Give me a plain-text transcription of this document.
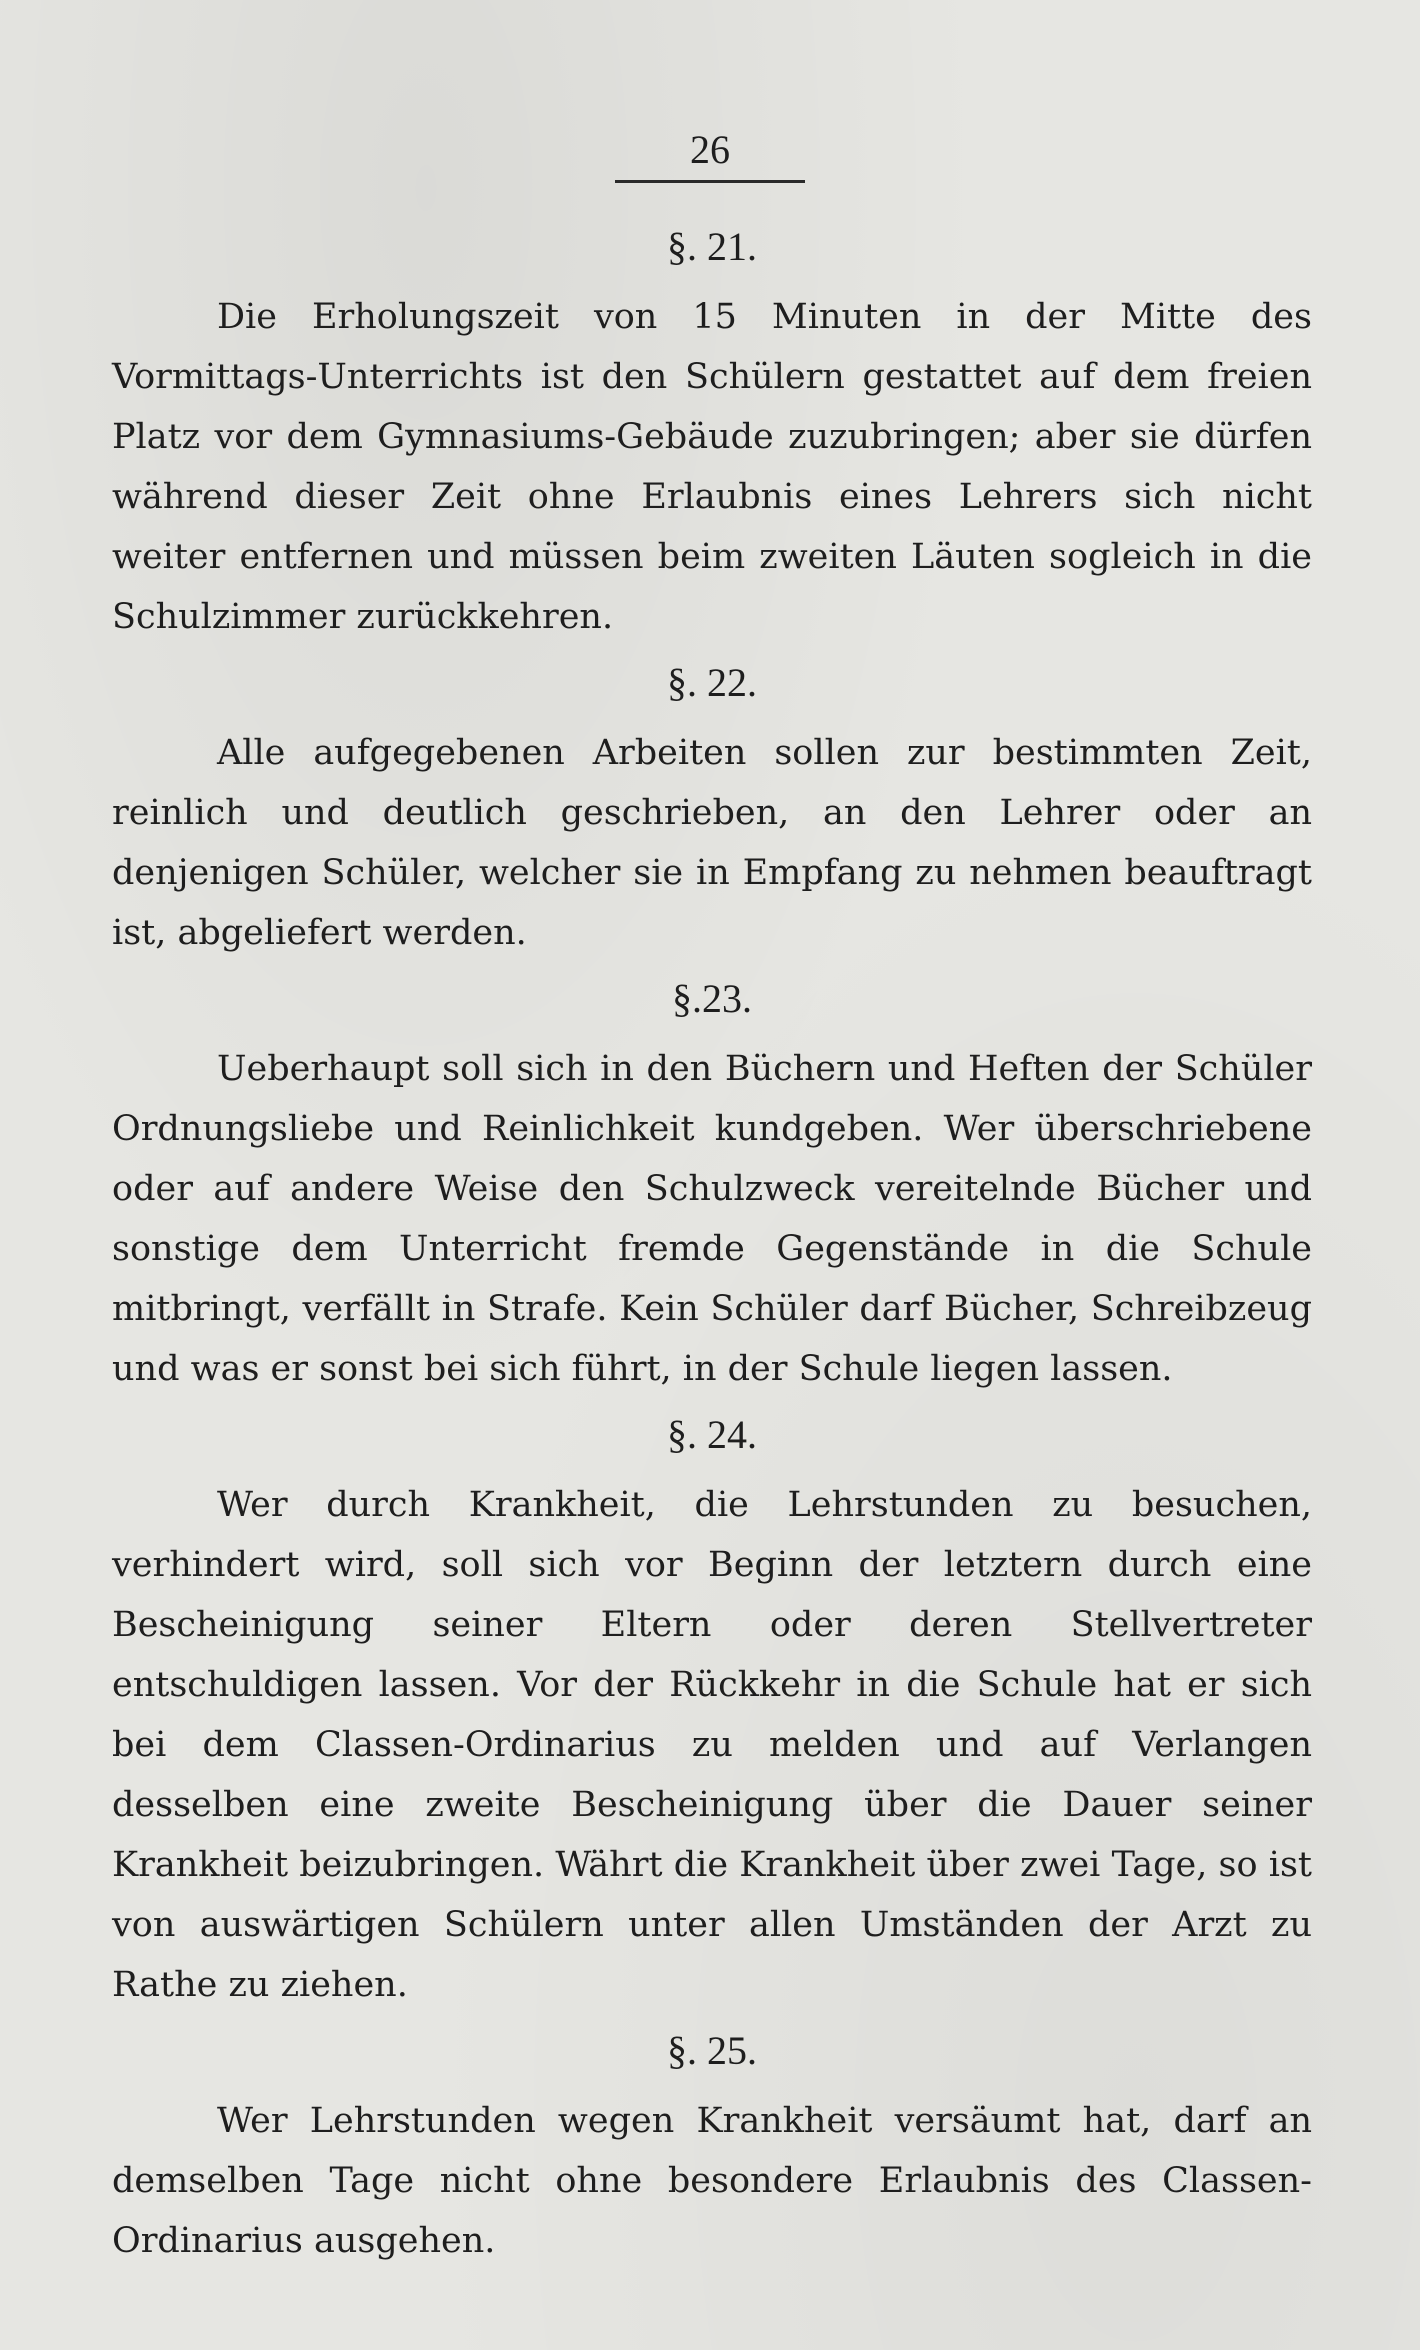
26
§. 21.

Die Erholungszeit von 15 Minuten in der Mitte des Vormittags-Unterrichts ist den Schülern gestattet auf dem freien Platz vor dem Gymnasiums-Gebäude zuzubringen; aber sie dürfen während dieser Zeit ohne Erlaubnis eines Lehrers sich nicht weiter entfernen und müssen beim zweiten Läuten sogleich in die Schulzimmer zurückkehren.

§. 22.

Alle aufgegebenen Arbeiten sollen zur bestimmten Zeit, reinlich und deutlich geschrieben, an den Lehrer oder an denjenigen Schüler, welcher sie in Empfang zu nehmen beauftragt ist, abgeliefert werden.

§.23.

Ueberhaupt soll sich in den Büchern und Heften der Schüler Ordnungsliebe und Reinlichkeit kundgeben. Wer überschriebene oder auf andere Weise den Schulzweck vereitelnde Bücher und sonstige dem Unterricht fremde Gegenstände in die Schule mitbringt, verfällt in Strafe. Kein Schüler darf Bücher, Schreibzeug und was er sonst bei sich führt, in der Schule liegen lassen.

§. 24.

Wer durch Krankheit, die Lehrstunden zu besuchen, verhindert wird, soll sich vor Beginn der letztern durch eine Bescheinigung seiner Eltern oder deren Stellvertreter entschuldigen lassen. Vor der Rückkehr in die Schule hat er sich bei dem Classen-Ordinarius zu melden und auf Verlangen desselben eine zweite Bescheinigung über die Dauer seiner Krankheit beizubringen. Währt die Krankheit über zwei Tage, so ist von auswärtigen Schülern unter allen Umständen der Arzt zu Rathe zu ziehen.

§. 25.

Wer Lehrstunden wegen Krankheit versäumt hat, darf an demselben Tage nicht ohne besondere Erlaubnis des Classen-Ordinarius ausgehen.
